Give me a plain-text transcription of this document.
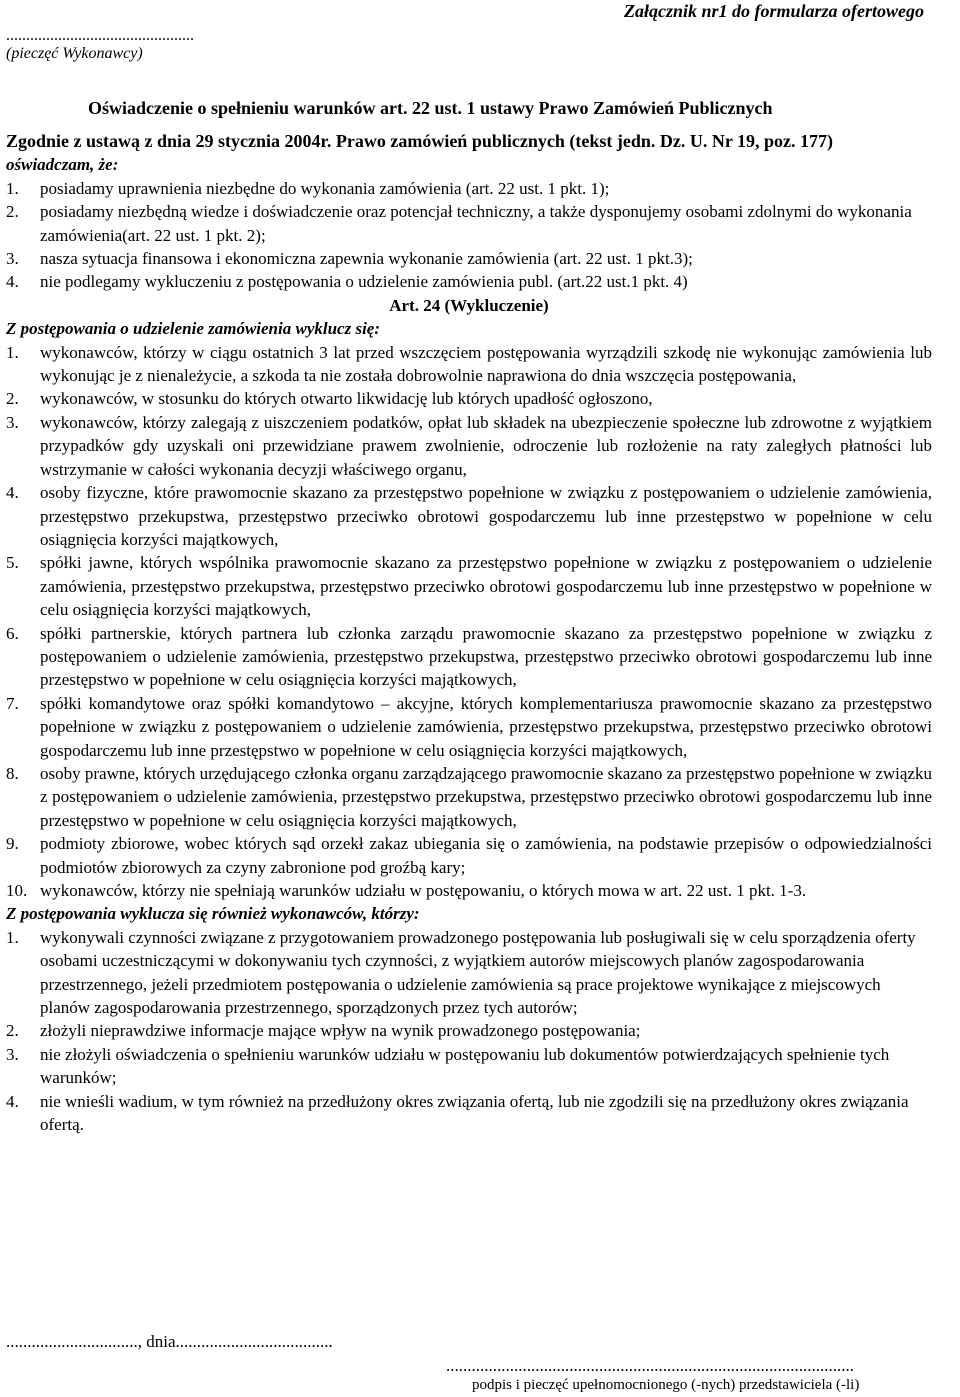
Załącznik nr1 do formularza ofertowego
...............................................
(pieczęć Wykonawcy)
Oświadczenie o spełnieniu warunków art. 22 ust. 1 ustawy Prawo Zamówień Publicznych

Zgodnie z ustawą z dnia 29 stycznia 2004r. Prawo zamówień publicznych (tekst jedn. Dz. U. Nr 19, poz. 177)

oświadczam, że:

1. posiadamy uprawnienia niezbędne do wykonania zamówienia (art. 22 ust. 1 pkt. 1);
2. posiadamy niezbędną wiedze i doświadczenie oraz potencjał techniczny, a także dysponujemy osobami zdolnymi do wykonania zamówienia(art. 22 ust. 1 pkt. 2);
3. nasza sytuacja finansowa i ekonomiczna zapewnia wykonanie zamówienia (art. 22 ust. 1 pkt.3);
4. nie podlegamy wykluczeniu z postępowania o udzielenie zamówienia publ. (art.22 ust.1 pkt. 4)

Art. 24 (Wykluczenie)

Z postępowania o udzielenie zamówienia wyklucz się:

1. wykonawców, którzy w ciągu ostatnich 3 lat przed wszczęciem postępowania wyrządzili szkodę nie wykonując zamówienia lub wykonując je z nienależycie, a szkoda ta nie została dobrowolnie naprawiona do dnia wszczęcia postępowania,
2. wykonawców, w stosunku do których otwarto likwidację lub których upadłość ogłoszono,
3. wykonawców, którzy zalegają z uiszczeniem podatków, opłat lub składek na ubezpieczenie społeczne lub zdrowotne z wyjątkiem przypadków gdy uzyskali oni przewidziane prawem zwolnienie, odroczenie lub rozłożenie na raty zaległych płatności lub wstrzymanie w całości wykonania decyzji właściwego organu,
4. osoby fizyczne, które prawomocnie skazano za przestępstwo popełnione w związku z postępowaniem o udzielenie zamówienia, przestępstwo przekupstwa, przestępstwo przeciwko obrotowi gospodarczemu lub inne przestępstwo w popełnione w celu osiągnięcia korzyści majątkowych,
5. spółki jawne, których wspólnika prawomocnie skazano za przestępstwo popełnione w związku z postępowaniem o udzielenie zamówienia, przestępstwo przekupstwa, przestępstwo przeciwko obrotowi gospodarczemu lub inne przestępstwo w popełnione w celu osiągnięcia korzyści majątkowych,
6. spółki partnerskie, których partnera lub członka zarządu prawomocnie skazano za przestępstwo popełnione w związku z postępowaniem o udzielenie zamówienia, przestępstwo przekupstwa, przestępstwo przeciwko obrotowi gospodarczemu lub inne przestępstwo w popełnione w celu osiągnięcia korzyści majątkowych,
7. spółki komandytowe oraz spółki komandytowo – akcyjne, których komplementariusza prawomocnie skazano za przestępstwo popełnione w związku z postępowaniem o udzielenie zamówienia, przestępstwo przekupstwa, przestępstwo przeciwko obrotowi gospodarczemu lub inne przestępstwo w popełnione w celu osiągnięcia korzyści majątkowych,
8. osoby prawne, których urzędującego członka organu zarządzającego prawomocnie skazano za przestępstwo popełnione w związku z postępowaniem o udzielenie zamówienia, przestępstwo przekupstwa, przestępstwo przeciwko obrotowi gospodarczemu lub inne przestępstwo w popełnione w celu osiągnięcia korzyści majątkowych,
9. podmioty zbiorowe, wobec których sąd orzekł zakaz ubiegania się o zamówienia, na podstawie przepisów o odpowiedzialności podmiotów zbiorowych za czyny zabronione pod groźbą kary;
10. wykonawców, którzy nie spełniają warunków udziału w postępowaniu, o których mowa w art. 22 ust. 1 pkt. 1-3.

Z postępowania wyklucza się również wykonawców, którzy:

1. wykonywali czynności związane z przygotowaniem prowadzonego postępowania lub posługiwali się w celu sporządzenia oferty osobami uczestniczącymi w dokonywaniu tych czynności, z wyjątkiem autorów miejscowych planów zagospodarowania przestrzennego, jeżeli przedmiotem postępowania o udzielenie zamówienia są prace projektowe wynikające z miejscowych planów zagospodarowania przestrzennego, sporządzonych przez tych autorów;
2. złożyli nieprawdziwe informacje mające wpływ na wynik prowadzonego postępowania;
3. nie złożyli oświadczenia o spełnieniu warunków udziału w postępowaniu lub dokumentów potwierdzających spełnienie tych warunków;
4. nie wnieśli wadium, w tym również na przedłużony okres związania ofertą, lub nie zgodzili się na przedłużony okres związania ofertą.
..............................., dnia.....................................
................................................................................................
podpis i pieczęć upełnomocnionego (-nych) przedstawiciela (-li)
